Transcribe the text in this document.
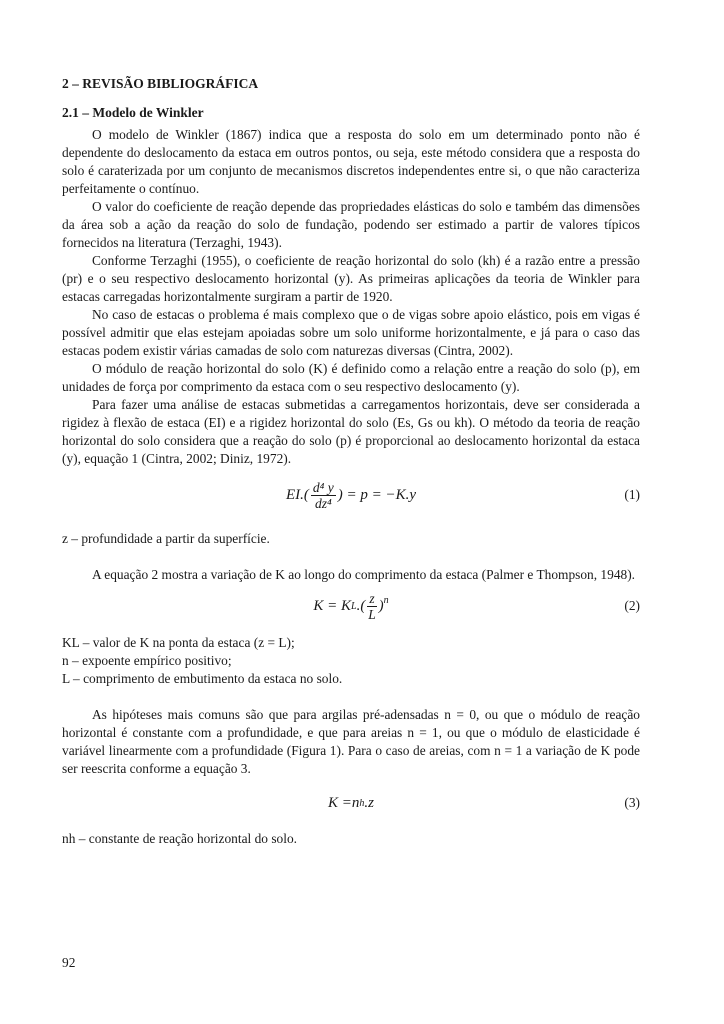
2 – REVISÃO BIBLIOGRÁFICA
2.1 – Modelo de Winkler

O modelo de Winkler (1867) indica que a resposta do solo em um determinado ponto não é dependente do deslocamento da estaca em outros pontos, ou seja, este método considera que a resposta do solo é caraterizada por um conjunto de mecanismos discretos independentes entre si, o que não caracteriza perfeitamente o contínuo.

O valor do coeficiente de reação depende das propriedades elásticas do solo e também das dimensões da área sob a ação da reação do solo de fundação, podendo ser estimado a partir de valores típicos fornecidos na literatura (Terzaghi, 1943).

Conforme Terzaghi (1955), o coeficiente de reação horizontal do solo (kh) é a razão entre a pressão (pr) e o seu respectivo deslocamento horizontal (y). As primeiras aplicações da teoria de Winkler para estacas carregadas horizontalmente surgiram a partir de 1920.

No caso de estacas o problema é mais complexo que o de vigas sobre apoio elástico, pois em vigas é possível admitir que elas estejam apoiadas sobre um solo uniforme horizontalmente, e já para o caso das estacas podem existir várias camadas de solo com naturezas diversas (Cintra, 2002).

O módulo de reação horizontal do solo (K) é definido como a relação entre a reação do solo (p), em unidades de força por comprimento da estaca com o seu respectivo deslocamento (y).

Para fazer uma análise de estacas submetidas a carregamentos horizontais, deve ser considerada a rigidez à flexão de estaca (EI) e a rigidez horizontal do solo (Es, Gs ou kh). O método da teoria de reação horizontal do solo considera que a reação do solo (p) é proporcional ao deslocamento horizontal da estaca (y), equação 1 (Cintra, 2002; Diniz, 1972).

$EI.( \frac{\text{d⁴ y}}{\text{dz⁴}}$ ) = p = −K.y	(1)

z – profundidade a partir da superfície.

A equação 2 mostra a variação de K ao longo do comprimento da estaca (Palmer e Thompson, 1948).

K = K L .( $\frac{z}{L} )^n$	(2)

KL – valor de K na ponta da estaca (z = L);

n – expoente empírico positivo;

L – comprimento de embutimento da estaca no solo.

As hipóteses mais comuns são que para argilas pré-adensadas n = 0, ou que o módulo de reação horizontal é constante com a profundidade, e que para areias n = 1, ou que o módulo de elasticidade é variável linearmente com a profundidade (Figura 1). Para o caso de areias, com n = 1 a variação de K pode ser reescrita conforme a equação 3.

K =n h .z	(3)

nh – constante de reação horizontal do solo.

92
